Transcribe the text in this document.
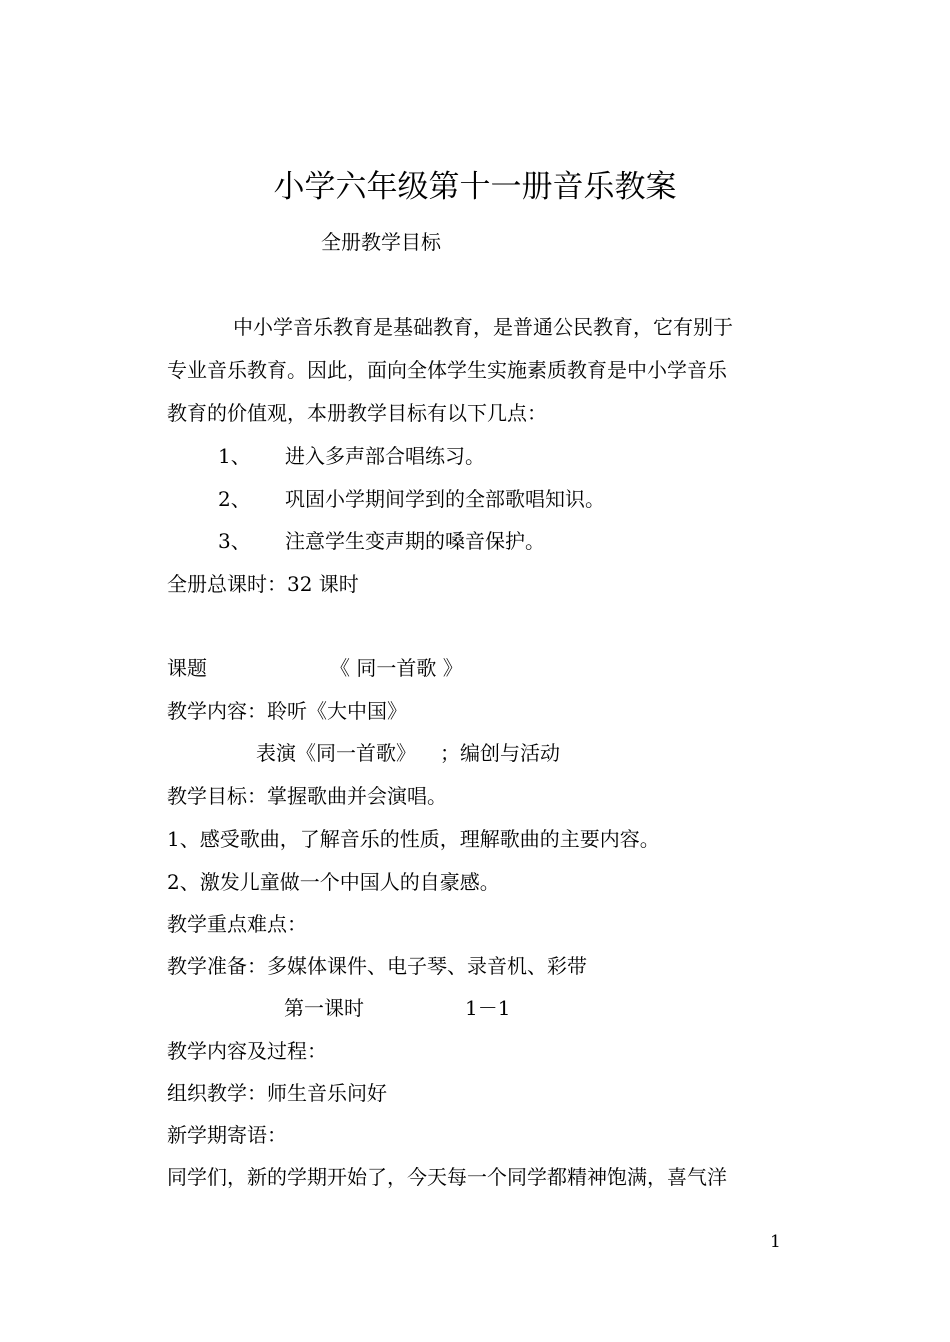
小学六年级第十一册音乐教案
全册教学目标
中小学音乐教育是基础教育，是普通公民教育，它有别于
专业音乐教育。因此，面向全体学生实施素质教育是中小学音乐
教育的价值观，本册教学目标有以下几点：
1、 进入多声部合唱练习。
2、 巩固小学期间学到的全部歌唱知识。
3、 注意学生变声期的嗓音保护。
全册总课时：32 课时
课题	《 同一首歌 》
教学内容：聆听《大中国》
表演《同一首歌》 ；编创与活动
教学目标：掌握歌曲并会演唱。
1、感受歌曲，了解音乐的性质，理解歌曲的主要内容。
2、激发儿童做一个中国人的自豪感。
教学重点难点：
教学准备：多媒体课件、电子琴、录音机、彩带
第一课时	1－1
教学内容及过程：
组织教学：师生音乐问好
新学期寄语：
同学们，新的学期开始了，今天每一个同学都精神饱满，喜气洋
1
